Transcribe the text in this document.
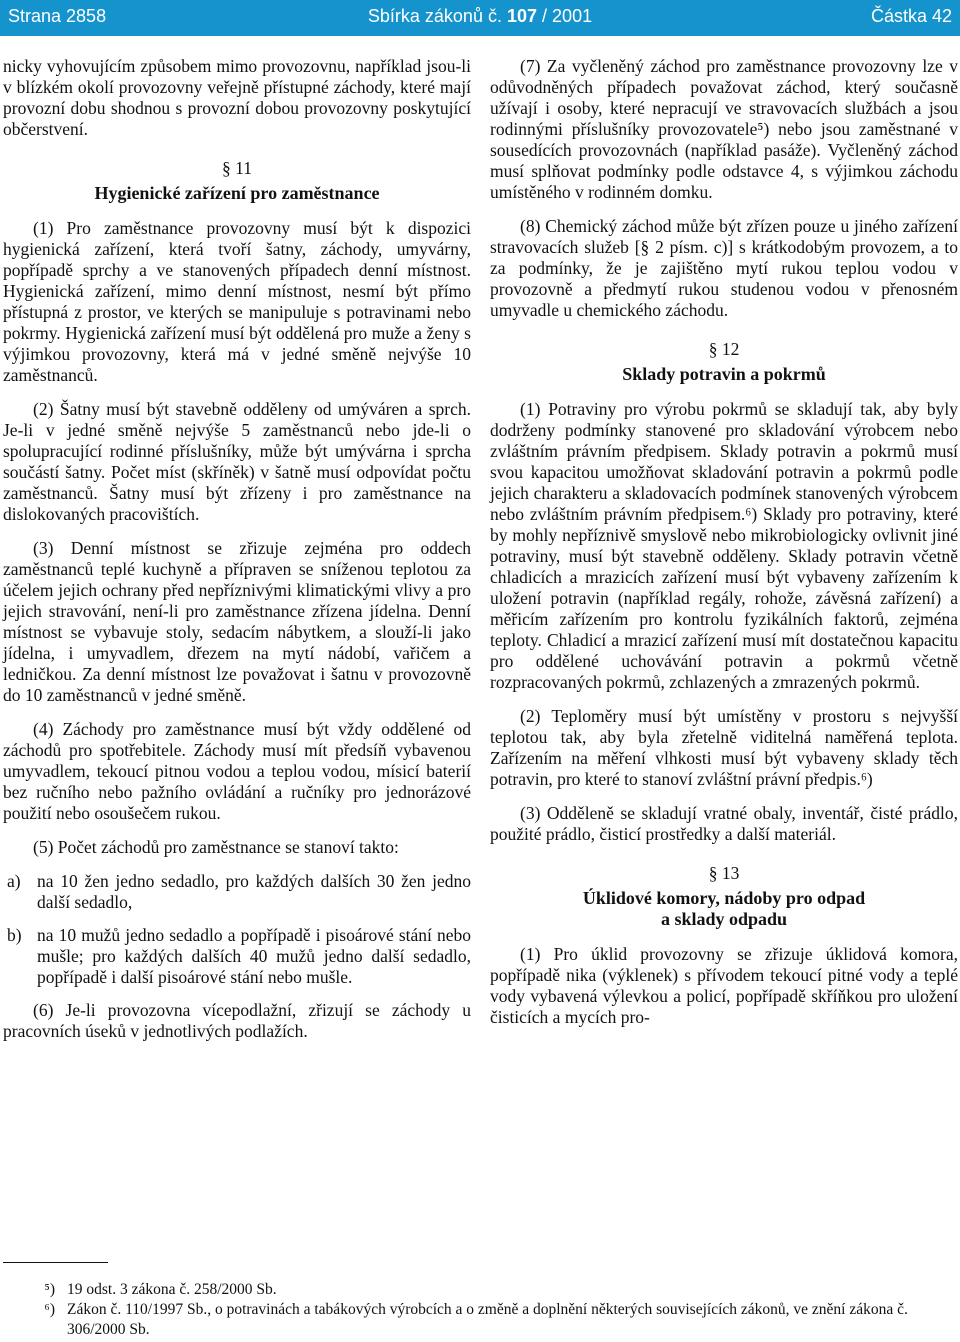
Strana 2858	Sbírka zákonů č. 107 / 2001	Částka 42

nicky vyhovujícím způsobem mimo provozovnu, například jsou-li v blízkém okolí provozovny veřejně přístupné záchody, které mají provozní dobu shodnou s provozní dobou provozovny poskytující občerstvení.

§ 11
Hygienické zařízení pro zaměstnance

(1) Pro zaměstnance provozovny musí být k dispozici hygienická zařízení, která tvoří šatny, záchody, umyvárny, popřípadě sprchy a ve stanovených případech denní místnost. Hygienická zařízení, mimo denní místnost, nesmí být přímo přístupná z prostor, ve kterých se manipuluje s potravinami nebo pokrmy. Hygienická zařízení musí být oddělená pro muže a ženy s výjimkou provozovny, která má v jedné směně nejvýše 10 zaměstnanců.

(2) Šatny musí být stavebně odděleny od umýváren a sprch. Je-li v jedné směně nejvýše 5 zaměstnanců nebo jde-li o spolupracující rodinné příslušníky, může být umývárna i sprcha součástí šatny. Počet míst (skříněk) v šatně musí odpovídat počtu zaměstnanců. Šatny musí být zřízeny i pro zaměstnance na dislokovaných pracovištích.

(3) Denní místnost se zřizuje zejména pro oddech zaměstnanců teplé kuchyně a přípraven se sníženou teplotou za účelem jejich ochrany před nepříznivými klimatickými vlivy a pro jejich stravování, není-li pro zaměstnance zřízena jídelna. Denní místnost se vybavuje stoly, sedacím nábytkem, a slouží-li jako jídelna, i umyvadlem, dřezem na mytí nádobí, vařičem a ledničkou. Za denní místnost lze považovat i šatnu v provozovně do 10 zaměstnanců v jedné směně.

(4) Záchody pro zaměstnance musí být vždy oddělené od záchodů pro spotřebitele. Záchody musí mít předsíň vybavenou umyvadlem, tekoucí pitnou vodou a teplou vodou, mísicí baterií bez ručního nebo pažního ovládání a ručníky pro jednorázové použití nebo osoušečem rukou.

(5) Počet záchodů pro zaměstnance se stanoví takto:

a) na 10 žen jedno sedadlo, pro každých dalších 30 žen jedno další sedadlo,
b) na 10 mužů jedno sedadlo a popřípadě i pisoárové stání nebo mušle; pro každých dalších 40 mužů jedno další sedadlo, popřípadě i další pisoárové stání nebo mušle.

(6) Je-li provozovna vícepodlažní, zřizují se záchody u pracovních úseků v jednotlivých podlažích.

(7) Za vyčleněný záchod pro zaměstnance provozovny lze v odůvodněných případech považovat záchod, který současně užívají i osoby, které nepracují ve stravovacích službách a jsou rodinnými příslušníky provozovatele⁵) nebo jsou zaměstnané v sousedících provozovnách (například pasáže). Vyčleněný záchod musí splňovat podmínky podle odstavce 4, s výjimkou záchodu umístěného v rodinném domku.

(8) Chemický záchod může být zřízen pouze u jiného zařízení stravovacích služeb [§ 2 písm. c)] s krátkodobým provozem, a to za podmínky, že je zajištěno mytí rukou teplou vodou v provozovně a předmytí rukou studenou vodou v přenosném umyvadle u chemického záchodu.

§ 12
Sklady potravin a pokrmů

(1) Potraviny pro výrobu pokrmů se skladují tak, aby byly dodrženy podmínky stanovené pro skladování výrobcem nebo zvláštním právním předpisem. Sklady potravin a pokrmů musí svou kapacitou umožňovat skladování potravin a pokrmů podle jejich charakteru a skladovacích podmínek stanovených výrobcem nebo zvláštním právním předpisem.⁶) Sklady pro potraviny, které by mohly nepříznivě smyslově nebo mikrobiologicky ovlivnit jiné potraviny, musí být stavebně odděleny. Sklady potravin včetně chladicích a mrazicích zařízení musí být vybaveny zařízením k uložení potravin (například regály, rohože, závěsná zařízení) a měřicím zařízením pro kontrolu fyzikálních faktorů, zejména teploty. Chladicí a mrazicí zařízení musí mít dostatečnou kapacitu pro oddělené uchovávání potravin a pokrmů včetně rozpracovaných pokrmů, zchlazených a zmrazených pokrmů.

(2) Teploměry musí být umístěny v prostoru s nejvyšší teplotou tak, aby byla zřetelně viditelná naměřená teplota. Zařízením na měření vlhkosti musí být vybaveny sklady těch potravin, pro které to stanoví zvláštní právní předpis.⁶)

(3) Odděleně se skladují vratné obaly, inventář, čisté prádlo, použité prádlo, čisticí prostředky a další materiál.

§ 13
Úklidové komory, nádoby pro odpad
a sklady odpadu

(1) Pro úklid provozovny se zřizuje úklidová komora, popřípadě nika (výklenek) s přívodem tekoucí pitné vody a teplé vody vybavená výlevkou a policí, popřípadě skříňkou pro uložení čisticích a mycích pro-

⁵) 19 odst. 3 zákona č. 258/2000 Sb.
⁶) Zákon č. 110/1997 Sb., o potravinách a tabákových výrobcích a o změně a doplnění některých souvisejících zákonů, ve znění zákona č. 306/2000 Sb.
